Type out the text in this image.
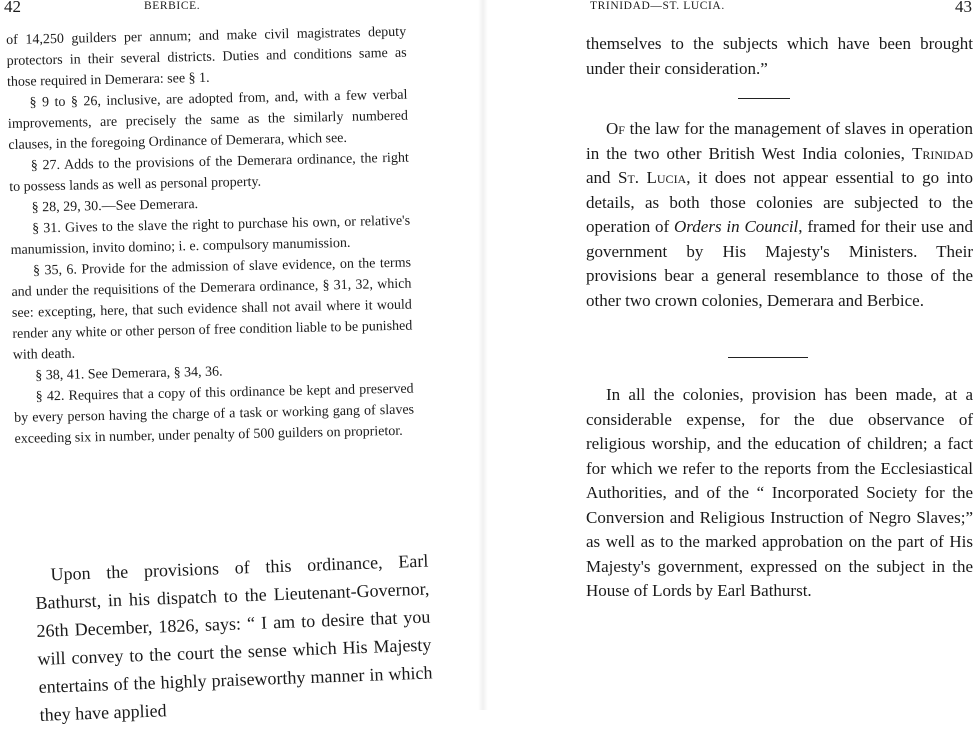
42	BERBICE.

of 14,250 guilders per annum; and make civil magistrates deputy protectors in their several districts. Duties and conditions same as those required in Demerara: see § 1.

§ 9 to § 26, inclusive, are adopted from, and, with a few verbal improvements, are precisely the same as the similarly numbered clauses, in the foregoing Ordinance of Demerara, which see.

§ 27. Adds to the provisions of the Demerara ordinance, the right to possess lands as well as personal property.

§ 28, 29, 30.—See Demerara.

§ 31. Gives to the slave the right to purchase his own, or relative's manumission, invito domino; i. e. compulsory manumission.

§ 35, 6. Provide for the admission of slave evidence, on the terms and under the requisitions of the Demerara ordinance, § 31, 32, which see: excepting, here, that such evidence shall not avail where it would render any white or other person of free condition liable to be punished with death.

§ 38, 41. See Demerara, § 34, 36.

§ 42. Requires that a copy of this ordinance be kept and preserved by every person having the charge of a task or working gang of slaves exceeding six in number, under penalty of 500 guilders on proprietor.

Upon the provisions of this ordinance, Earl Bathurst, in his dispatch to the Lieutenant-Governor, 26th December, 1826, says: “ I am to desire that you will convey to the court the sense which His Majesty entertains of the highly praiseworthy manner in which they have applied

TRINIDAD—ST. LUCIA.	43

themselves to the subjects which have been brought under their consideration.”

Of the law for the management of slaves in operation in the two other British West India colonies, Trinidad and St. Lucia, it does not appear essential to go into details, as both those colonies are subjected to the operation of Orders in Council, framed for their use and government by His Majesty's Ministers. Their provisions bear a general resemblance to those of the other two crown colonies, Demerara and Berbice.

In all the colonies, provision has been made, at a considerable expense, for the due observance of religious worship, and the education of children; a fact for which we refer to the reports from the Ecclesiastical Authorities, and of the “ Incorporated Society for the Conversion and Religious Instruction of Negro Slaves;” as well as to the marked approbation on the part of His Majesty's government, expressed on the subject in the House of Lords by Earl Bathurst.
